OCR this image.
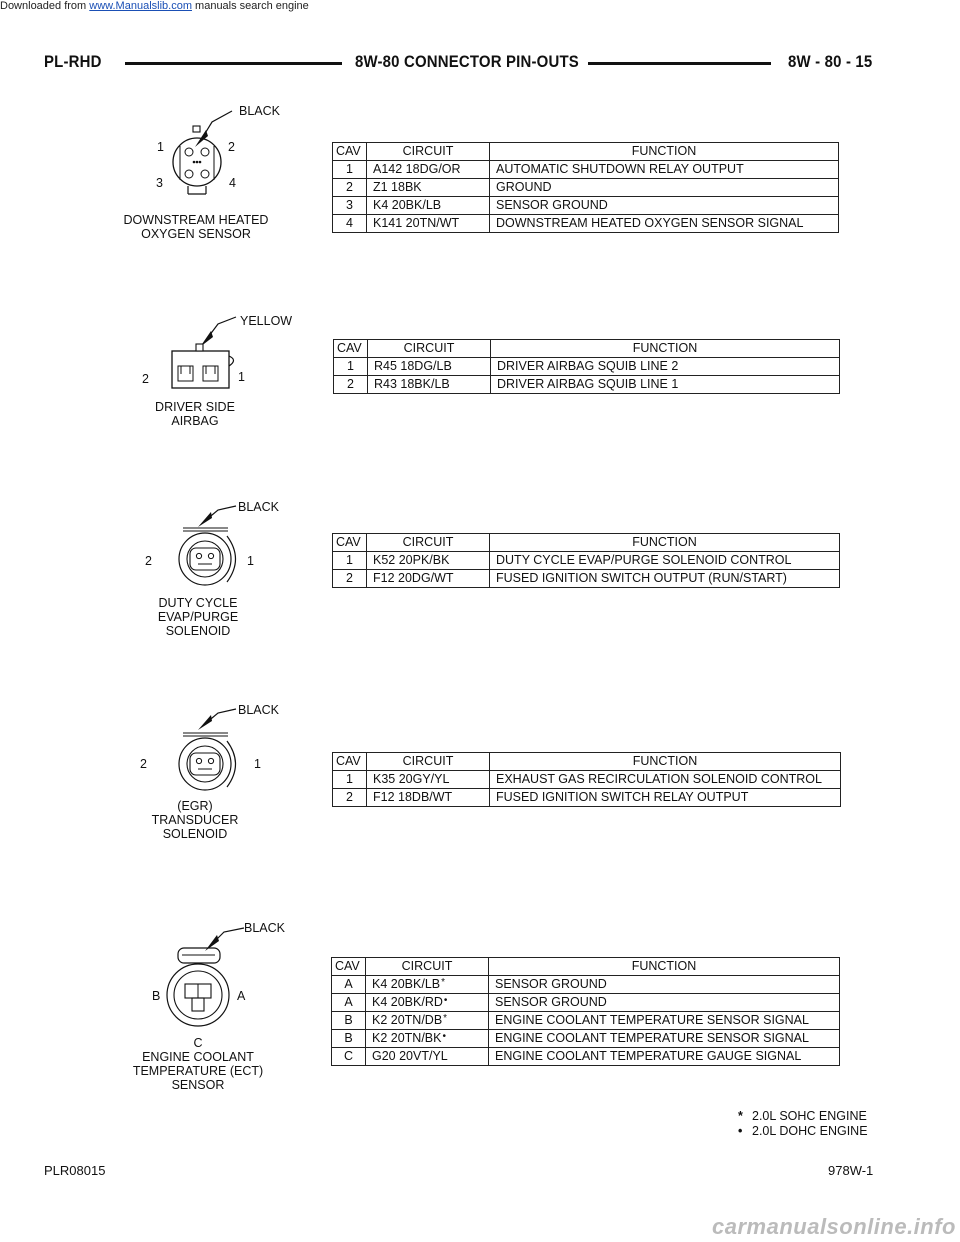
Downloaded from www.Manualslib.com manuals search engine
PL-RHD	8W-80 CONNECTOR PIN-OUTS	8W - 80 - 15
BLACK
1	2
3	4
DOWNSTREAM HEATED
OXYGEN SENSOR
CAV	CIRCUIT	FUNCTION
1	A142 18DG/OR	AUTOMATIC SHUTDOWN RELAY OUTPUT
2	Z1 18BK	GROUND
3	K4 20BK/LB	SENSOR GROUND
4	K141 20TN/WT	DOWNSTREAM HEATED OXYGEN SENSOR SIGNAL
YELLOW
2	1
DRIVER SIDE
AIRBAG
CAV	CIRCUIT	FUNCTION
1	R45 18DG/LB	DRIVER AIRBAG SQUIB LINE 2
2	R43 18BK/LB	DRIVER AIRBAG SQUIB LINE 1
BLACK
2	1
DUTY CYCLE
EVAP/PURGE
SOLENOID
CAV	CIRCUIT	FUNCTION
1	K52 20PK/BK	DUTY CYCLE EVAP/PURGE SOLENOID CONTROL
2	F12 20DG/WT	FUSED IGNITION SWITCH OUTPUT (RUN/START)
BLACK
2	1
(EGR)
TRANSDUCER
SOLENOID
CAV	CIRCUIT	FUNCTION
1	K35 20GY/YL	EXHAUST GAS RECIRCULATION SOLENOID CONTROL
2	F12 18DB/WT	FUSED IGNITION SWITCH RELAY OUTPUT
BLACK
B	A
C
ENGINE COOLANT
TEMPERATURE (ECT)
SENSOR
CAV	CIRCUIT	FUNCTION
A	K4 20BK/LB*	SENSOR GROUND
A	K4 20BK/RD•	SENSOR GROUND
B	K2 20TN/DB*	ENGINE COOLANT TEMPERATURE SENSOR SIGNAL
B	K2 20TN/BK•	ENGINE COOLANT TEMPERATURE SENSOR SIGNAL
C	G20 20VT/YL	ENGINE COOLANT TEMPERATURE GAUGE SIGNAL
* 2.0L SOHC ENGINE
• 2.0L DOHC ENGINE
PLR08015	978W-1
carmanualsonline.info
